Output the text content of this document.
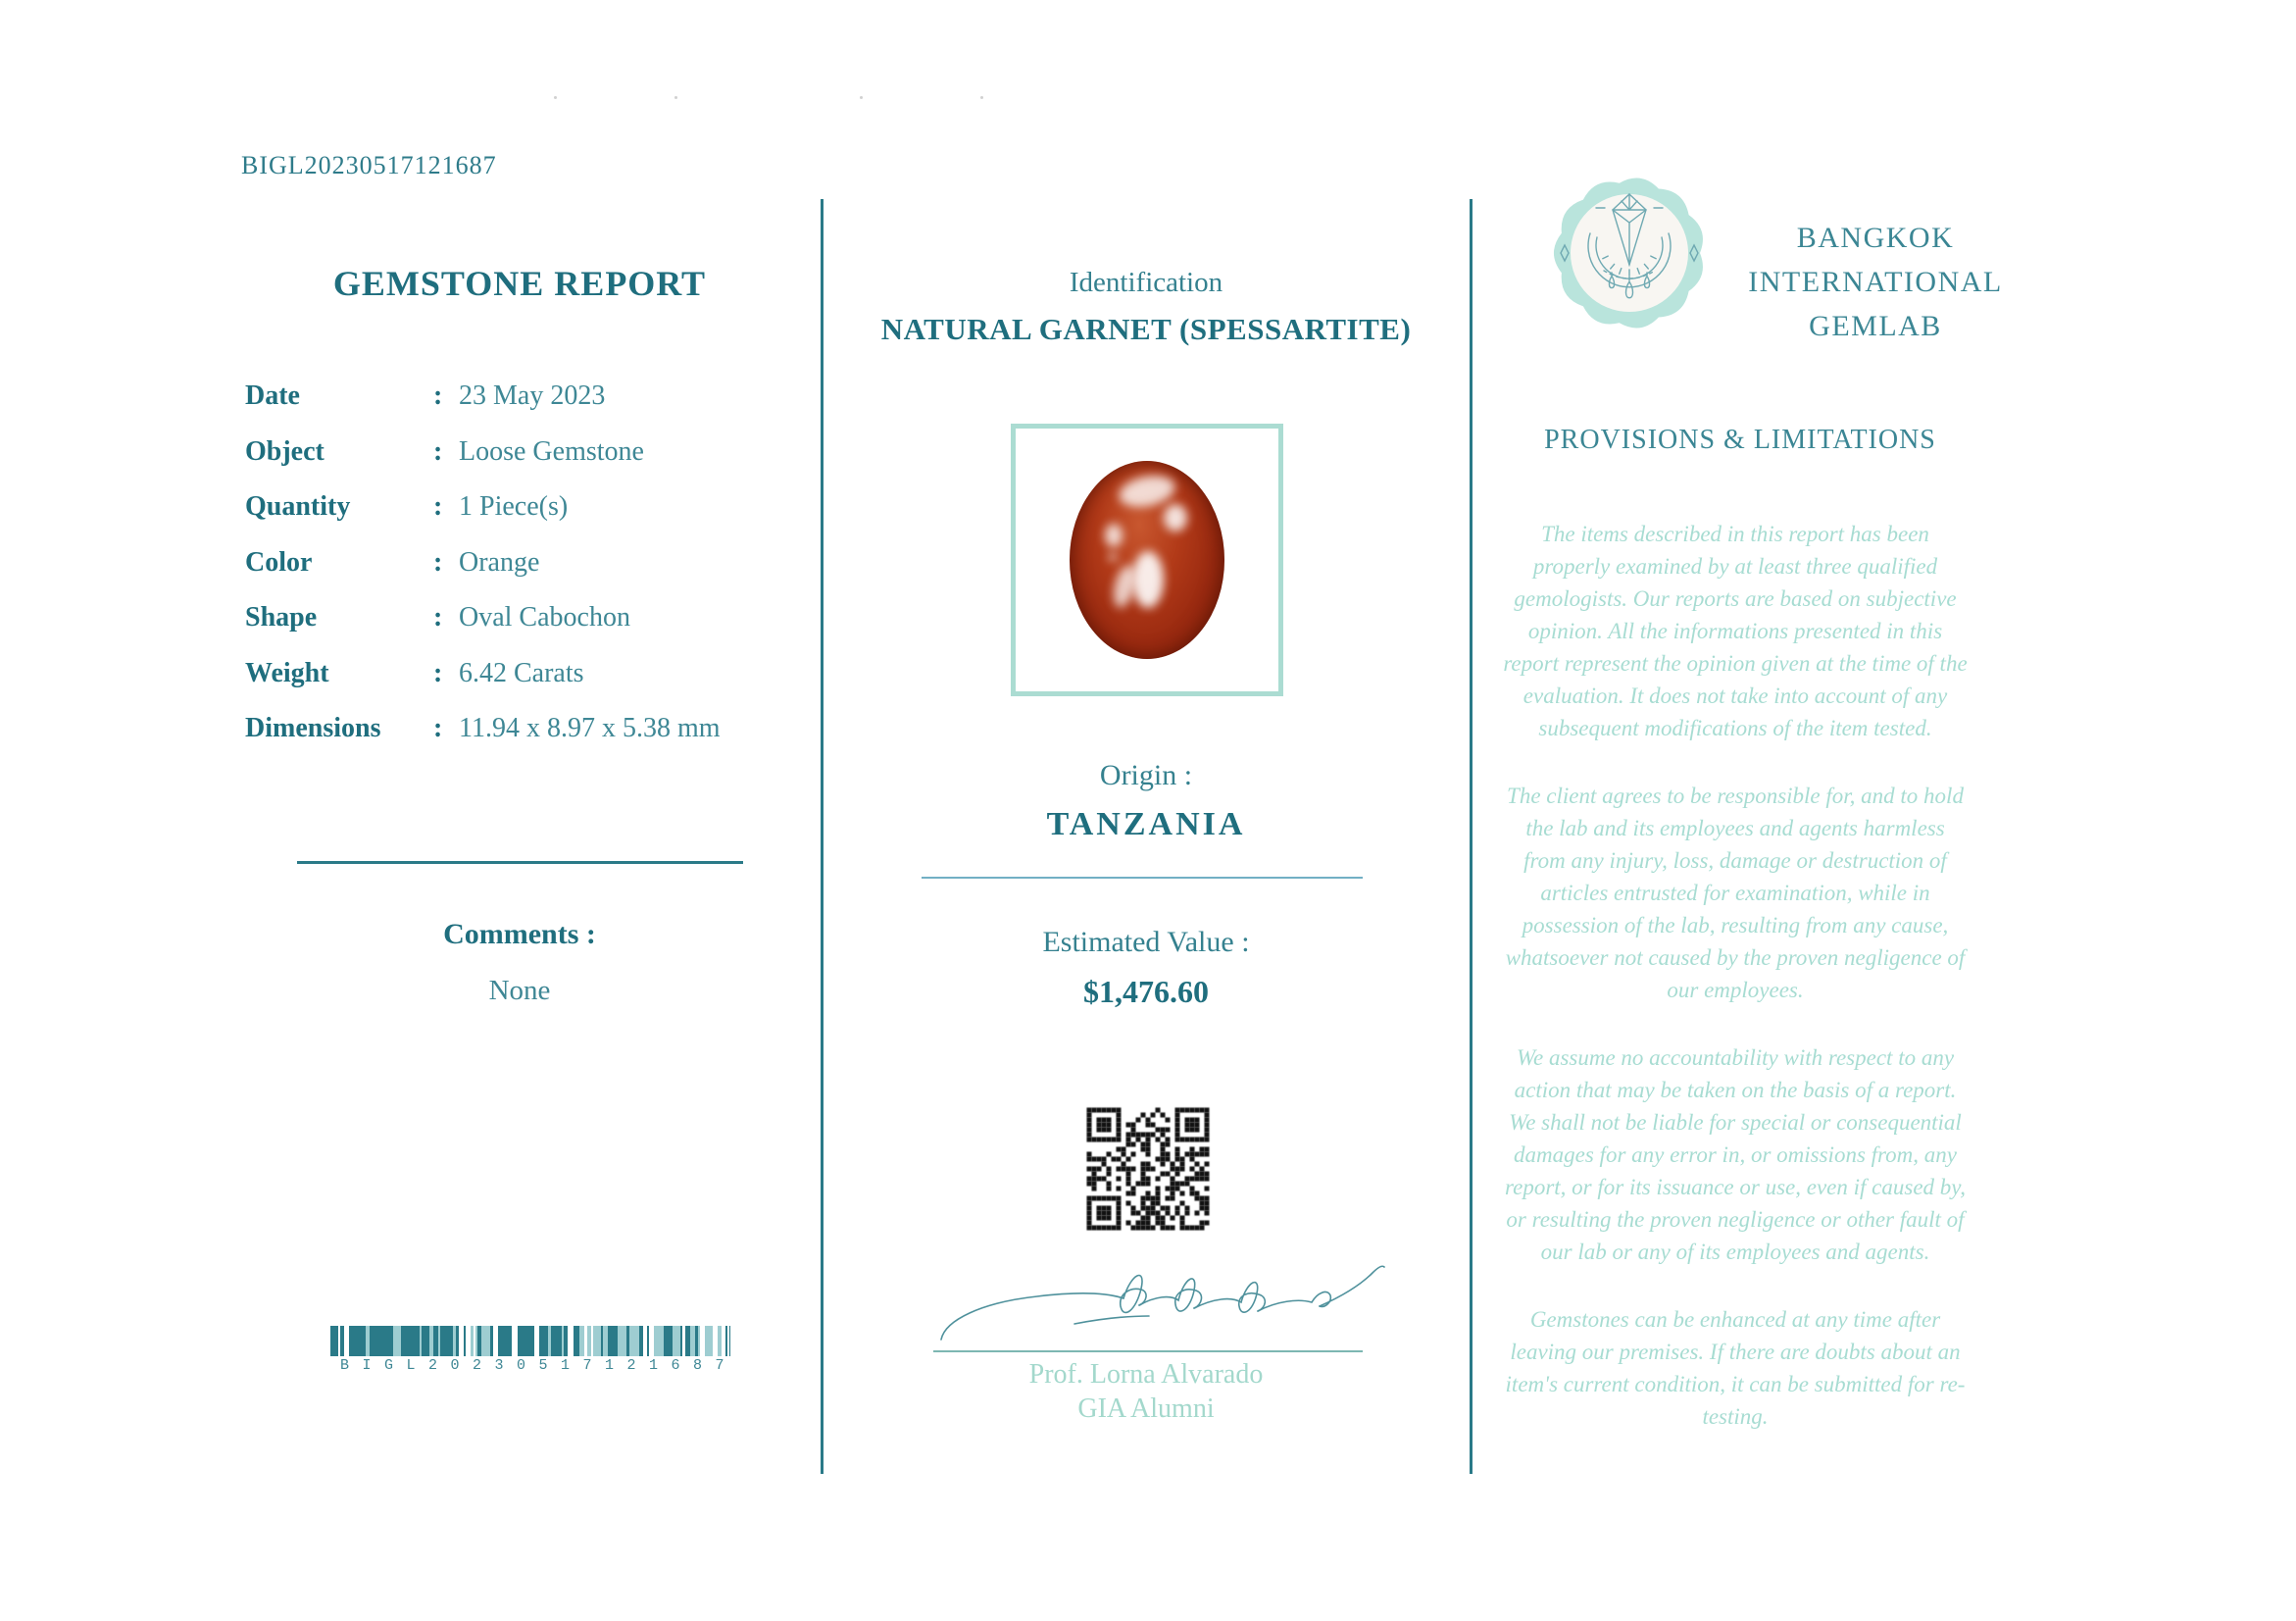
BIGL20230517121687
GEMSTONE REPORT
Date	: 23 May 2023
Object	: Loose Gemstone
Quantity	: 1 Piece(s)
Color	: Orange
Shape	: Oval Cabochon
Weight	: 6.42 Carats
Dimensions	: 11.94 x 8.97 x 5.38 mm
Comments :
None
BIGL20230517121687
Identification
NATURAL GARNET (SPESSARTITE)
Origin :
TANZANIA
Estimated Value :
$1,476.60
Prof. Lorna Alvarado
GIA Alumni
BANGKOK
INTERNATIONAL
GEMLAB
PROVISIONS & LIMITATIONS

The items described in this report has been properly examined by at least three qualified gemologists. Our reports are based on subjective opinion. All the informations presented in this report represent the opinion given at the time of the evaluation. It does not take into account of any subsequent modifications of the item tested.

The client agrees to be responsible for, and to hold the lab and its employees and agents harmless from any injury, loss, damage or destruction of articles entrusted for examination, while in possession of the lab, resulting from any cause, whatsoever not caused by the proven negligence of our employees.

We assume no accountability with respect to any action that may be taken on the basis of a report. We shall not be liable for special or consequential damages for any error in, or omissions from, any report, or for its issuance or use, even if caused by, or resulting the proven negligence or other fault of our lab or any of its employees and agents.

Gemstones can be enhanced at any time after leaving our premises. If there are doubts about an item's current condition, it can be submitted for re-testing.
